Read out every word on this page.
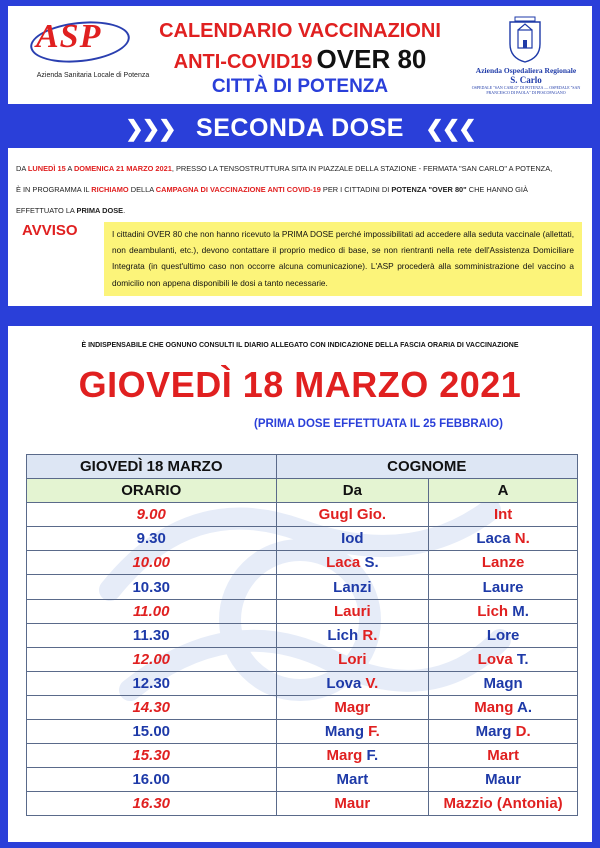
ASP
Azienda Sanitaria Locale di Potenza
CALENDARIO VACCINAZIONI
ANTI-COVID19 OVER 80
CITTÀ DI POTENZA
Azienda Ospedaliera Regionale
S. Carlo
OSPEDALE "SAN CARLO" DI POTENZA — OSPEDALE "SAN FRANCESCO DI PAOLA" DI PESCOPAGANO
❯❯❯ SECONDA DOSE ❮❮❮
DA LUNEDÌ 15 A DOMENICA 21 MARZO 2021, PRESSO LA TENSOSTRUTTURA SITA IN PIAZZALE DELLA STAZIONE - FERMATA "SAN CARLO" A POTENZA,
È IN PROGRAMMA IL RICHIAMO DELLA CAMPAGNA DI VACCINAZIONE ANTI COVID-19 PER I CITTADINI DI POTENZA "OVER 80" CHE HANNO GIÀ
EFFETTUATO LA PRIMA DOSE.
AVVISO	I cittadini OVER 80 che non hanno ricevuto la PRIMA DOSE perché impossibilitati ad accedere alla seduta vaccinale (allettati, non deambulanti, etc.), devono contattare il proprio medico di base, se non rientranti nella rete dell'Assistenza Domiciliare Integrata (in quest'ultimo caso non occorre alcuna comunicazione). L'ASP procederà alla somministrazione del vaccino a domicilio non appena disponibili le dosi a tanto necessarie.
È INDISPENSABILE CHE OGNUNO CONSULTI IL DIARIO ALLEGATO CON INDICAZIONE DELLA FASCIA ORARIA DI VACCINAZIONE
GIOVEDÌ 18 MARZO 2021
(PRIMA DOSE EFFETTUATA IL 25 FEBBRAIO)
GIOVEDÌ 18 MARZO	COGNOME	
ORARIO	Da	A
9.00	Gugl Gio.	Int
9.30	Iod	Laca N.
10.00	Laca S.	Lanze
10.30	Lanzi	Laure
11.00	Lauri	Lich M.
11.30	Lich R.	Lore
12.00	Lori	Lova T.
12.30	Lova V.	Magn
14.30	Magr	Mang A.
15.00	Mang F.	Marg D.
15.30	Marg F.	Mart
16.00	Mart	Maur
16.30	Maur	Mazzio (Antonia)
